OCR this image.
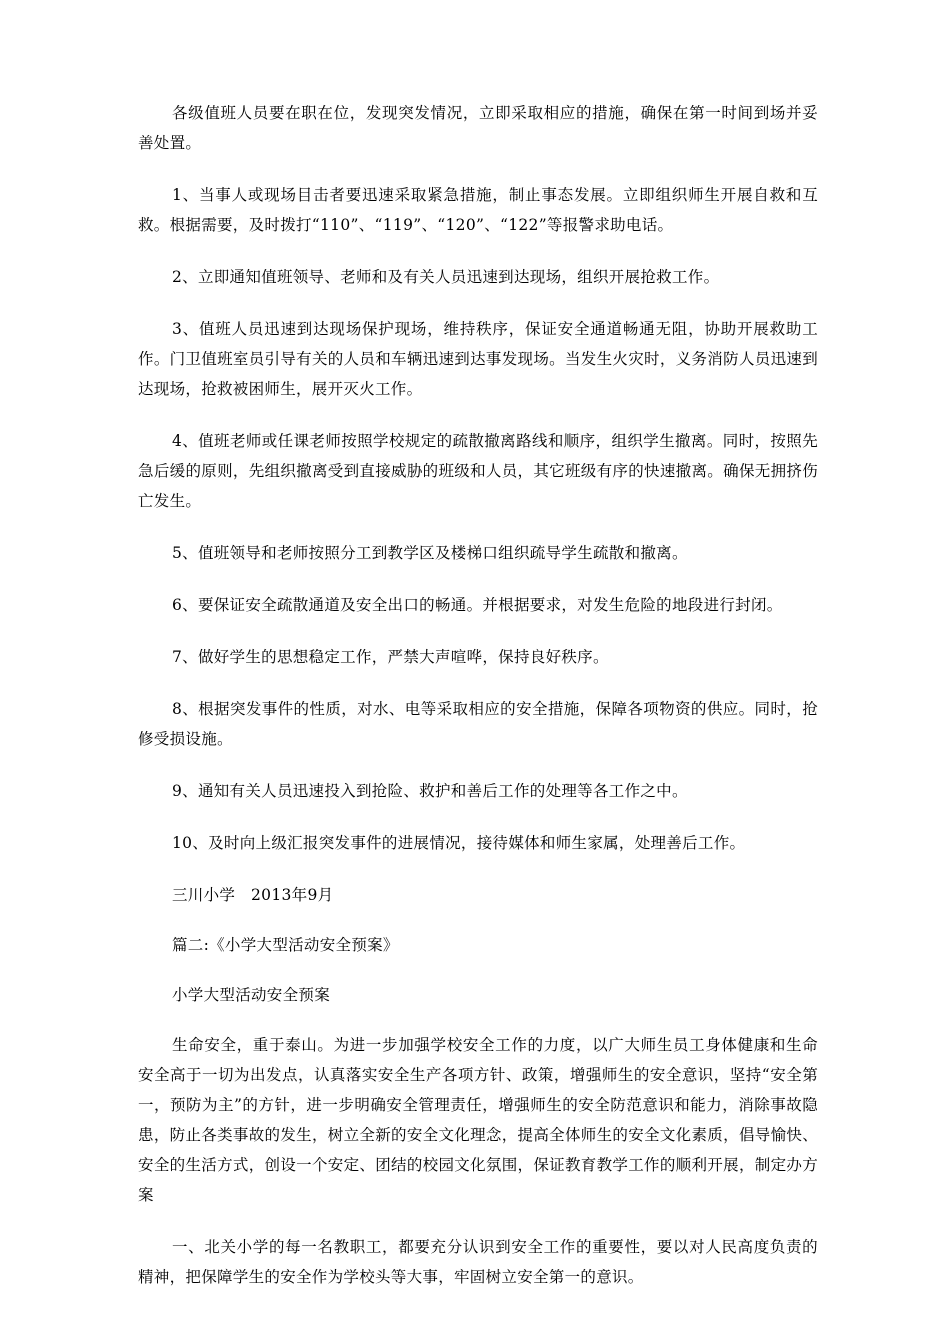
各级值班人员要在职在位，发现突发情况，立即采取相应的措施，确保在第一时间到场并妥善处置。

1、当事人或现场目击者要迅速采取紧急措施，制止事态发展。立即组织师生开展自救和互救。根据需要，及时拨打“110”、“119”、“120”、“122”等报警求助电话。

2、立即通知值班领导、老师和及有关人员迅速到达现场，组织开展抢救工作。

3、值班人员迅速到达现场保护现场，维持秩序，保证安全通道畅通无阻，协助开展救助工作。门卫值班室员引导有关的人员和车辆迅速到达事发现场。当发生火灾时，义务消防人员迅速到达现场，抢救被困师生，展开灭火工作。

4、值班老师或任课老师按照学校规定的疏散撤离路线和顺序，组织学生撤离。同时，按照先急后缓的原则，先组织撤离受到直接威胁的班级和人员，其它班级有序的快速撤离。确保无拥挤伤亡发生。

5、值班领导和老师按照分工到教学区及楼梯口组织疏导学生疏散和撤离。

6、要保证安全疏散通道及安全出口的畅通。并根据要求，对发生危险的地段进行封闭。

7、做好学生的思想稳定工作，严禁大声喧哗，保持良好秩序。

8、根据突发事件的性质，对水、电等采取相应的安全措施，保障各项物资的供应。同时，抢修受损设施。

9、通知有关人员迅速投入到抢险、救护和善后工作的处理等各工作之中。

10、及时向上级汇报突发事件的进展情况，接待媒体和师生家属，处理善后工作。

三川小学　2013年9月

篇二:《小学大型活动安全预案》

小学大型活动安全预案

生命安全，重于泰山。为进一步加强学校安全工作的力度，以广大师生员工身体健康和生命安全高于一切为出发点，认真落实安全生产各项方针、政策，增强师生的安全意识，坚持“安全第一，预防为主”的方针，进一步明确安全管理责任，增强师生的安全防范意识和能力，消除事故隐患，防止各类事故的发生，树立全新的安全文化理念，提高全体师生的安全文化素质，倡导愉快、安全的生活方式，创设一个安定、团结的校园文化氛围，保证教育教学工作的顺利开展，制定办方案

一、北关小学的每一名教职工，都要充分认识到安全工作的重要性，要以对人民高度负责的精神，把保障学生的安全作为学校头等大事，牢固树立安全第一的意识。
